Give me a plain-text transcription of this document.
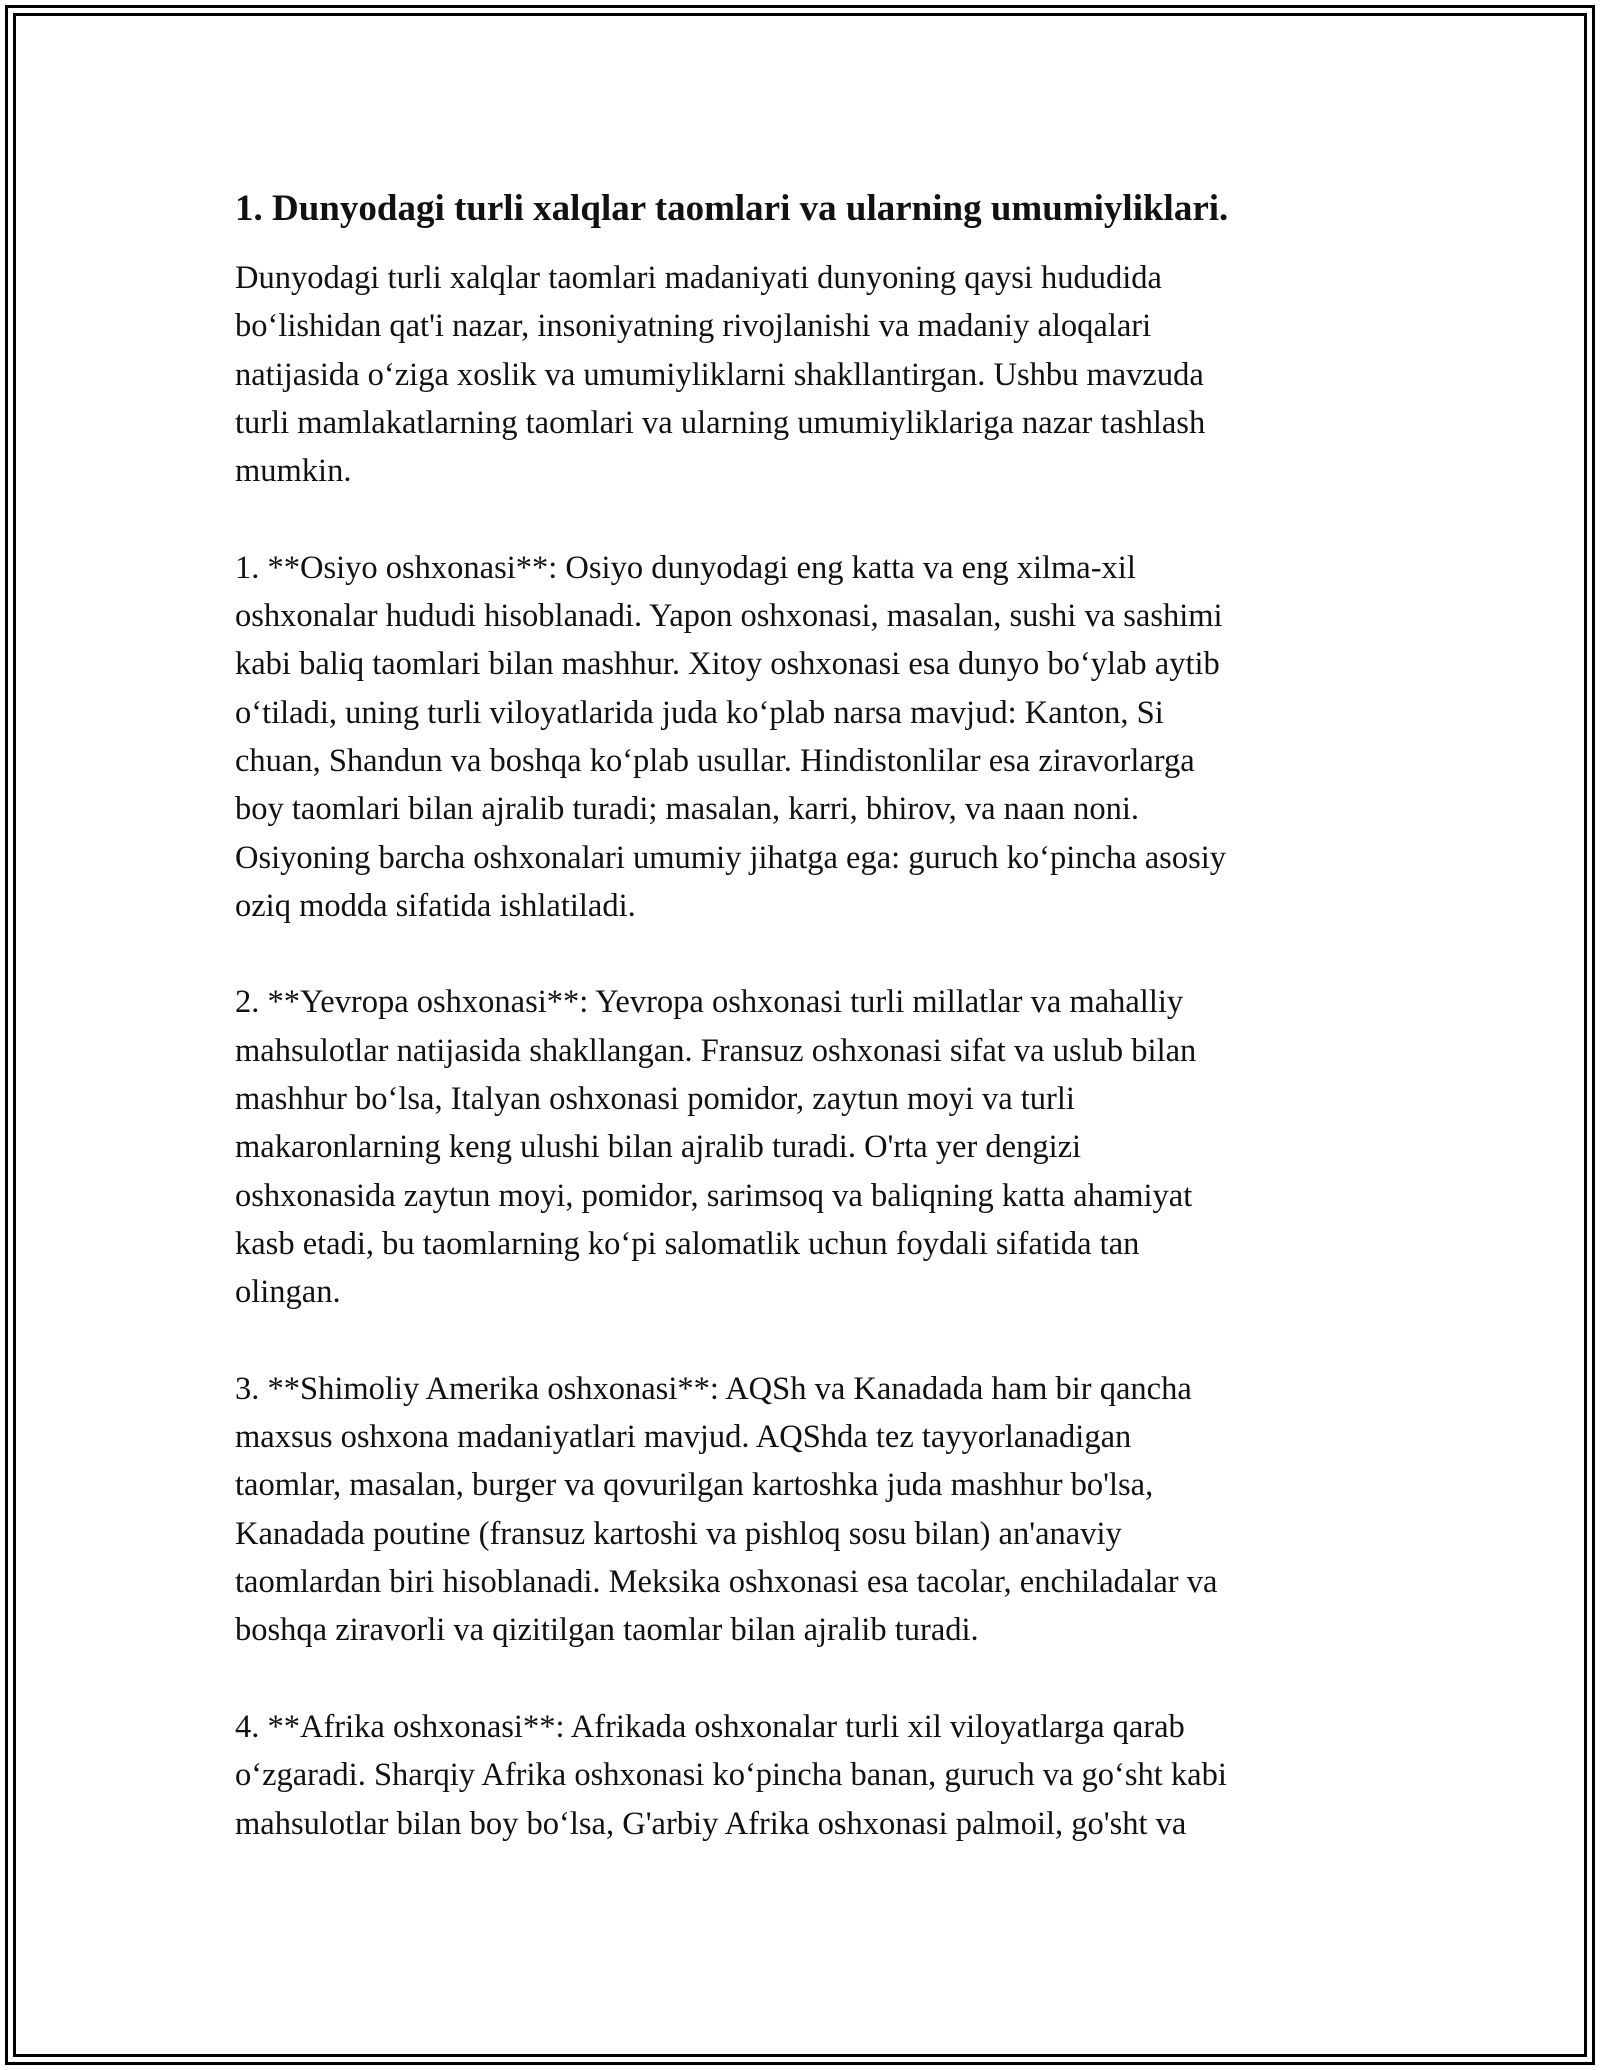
1. Dunyodagi turli xalqlar taomlari va ularning umumiyliklari.
Dunyodagi turli xalqlar taomlari madaniyati dunyoning qaysi hududida
bo‘lishidan qat'i nazar, insoniyatning rivojlanishi va madaniy aloqalari
natijasida o‘ziga xoslik va umumiyliklarni shakllantirgan. Ushbu mavzuda
turli mamlakatlarning taomlari va ularning umumiyliklariga nazar tashlash
mumkin.
1. **Osiyo oshxonasi**: Osiyo dunyodagi eng katta va eng xilma-xil
oshxonalar hududi hisoblanadi. Yapon oshxonasi, masalan, sushi va sashimi
kabi baliq taomlari bilan mashhur. Xitoy oshxonasi esa dunyo bo‘ylab aytib
o‘tiladi, uning turli viloyatlarida juda ko‘plab narsa mavjud: Kanton, Si
chuan, Shandun va boshqa ko‘plab usullar. Hindistonlilar esa ziravorlarga
boy taomlari bilan ajralib turadi; masalan, karri, bhirov, va naan noni.
Osiyoning barcha oshxonalari umumiy jihatga ega: guruch ko‘pincha asosiy
oziq modda sifatida ishlatiladi.
2. **Yevropa oshxonasi**: Yevropa oshxonasi turli millatlar va mahalliy
mahsulotlar natijasida shakllangan. Fransuz oshxonasi sifat va uslub bilan
mashhur bo‘lsa, Italyan oshxonasi pomidor, zaytun moyi va turli
makaronlarning keng ulushi bilan ajralib turadi. O'rta yer dengizi
oshxonasida zaytun moyi, pomidor, sarimsoq va baliqning katta ahamiyat
kasb etadi, bu taomlarning ko‘pi salomatlik uchun foydali sifatida tan
olingan.
3. **Shimoliy Amerika oshxonasi**: AQSh va Kanadada ham bir qancha
maxsus oshxona madaniyatlari mavjud. AQShda tez tayyorlanadigan
taomlar, masalan, burger va qovurilgan kartoshka juda mashhur bo'lsa,
Kanadada poutine (fransuz kartoshi va pishloq sosu bilan) an'anaviy
taomlardan biri hisoblanadi. Meksika oshxonasi esa tacolar, enchiladalar va
boshqa ziravorli va qizitilgan taomlar bilan ajralib turadi.
4. **Afrika oshxonasi**: Afrikada oshxonalar turli xil viloyatlarga qarab
o‘zgaradi. Sharqiy Afrika oshxonasi ko‘pincha banan, guruch va go‘sht kabi
mahsulotlar bilan boy bo‘lsa, G'arbiy Afrika oshxonasi palmoil, go'sht va
